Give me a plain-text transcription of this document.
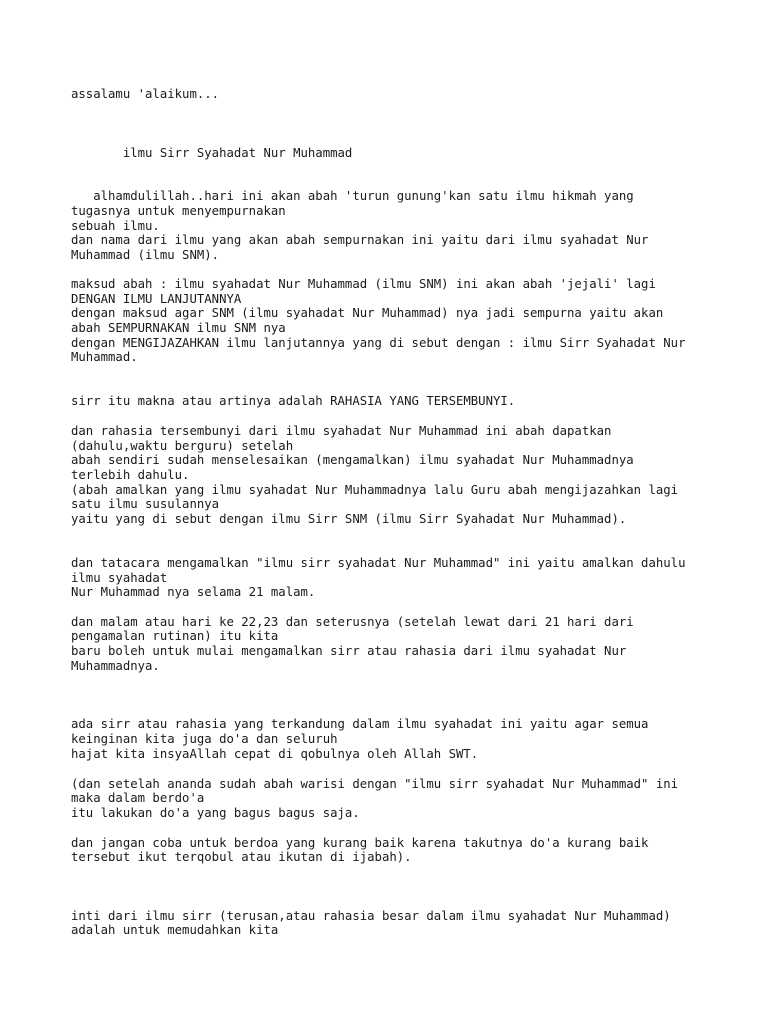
assalamu 'alaikum...

ilmu Sirr Syahadat Nur Muhammad

alhamdulillah..hari ini akan abah 'turun gunung'kan satu ilmu hikmah yang

tugasnya untuk menyempurnakan

sebuah ilmu.

dan nama dari ilmu yang akan abah sempurnakan ini yaitu dari ilmu syahadat Nur

Muhammad (ilmu SNM).

maksud abah : ilmu syahadat Nur Muhammad (ilmu SNM) ini akan abah 'jejali' lagi

DENGAN ILMU LANJUTANNYA

dengan maksud agar SNM (ilmu syahadat Nur Muhammad) nya jadi sempurna yaitu akan

abah SEMPURNAKAN ilmu SNM nya

dengan MENGIJAZAHKAN ilmu lanjutannya yang di sebut dengan : ilmu Sirr Syahadat Nur

Muhammad.

sirr itu makna atau artinya adalah RAHASIA YANG TERSEMBUNYI.

dan rahasia tersembunyi dari ilmu syahadat Nur Muhammad ini abah dapatkan

(dahulu,waktu berguru) setelah

abah sendiri sudah menselesaikan (mengamalkan) ilmu syahadat Nur Muhammadnya

terlebih dahulu.

(abah amalkan yang ilmu syahadat Nur Muhammadnya lalu Guru abah mengijazahkan lagi

satu ilmu susulannya

yaitu yang di sebut dengan ilmu Sirr SNM (ilmu Sirr Syahadat Nur Muhammad).

dan tatacara mengamalkan "ilmu sirr syahadat Nur Muhammad" ini yaitu amalkan dahulu

ilmu syahadat

Nur Muhammad nya selama 21 malam.

dan malam atau hari ke 22,23 dan seterusnya (setelah lewat dari 21 hari dari

pengamalan rutinan) itu kita

baru boleh untuk mulai mengamalkan sirr atau rahasia dari ilmu syahadat Nur

Muhammadnya.

ada sirr atau rahasia yang terkandung dalam ilmu syahadat ini yaitu agar semua

keinginan kita juga do'a dan seluruh

hajat kita insyaAllah cepat di qobulnya oleh Allah SWT.

(dan setelah ananda sudah abah warisi dengan "ilmu sirr syahadat Nur Muhammad" ini

maka dalam berdo'a

itu lakukan do'a yang bagus bagus saja.

dan jangan coba untuk berdoa yang kurang baik karena takutnya do'a kurang baik

tersebut ikut terqobul atau ikutan di ijabah).

inti dari ilmu sirr (terusan,atau rahasia besar dalam ilmu syahadat Nur Muhammad)

adalah untuk memudahkan kita
